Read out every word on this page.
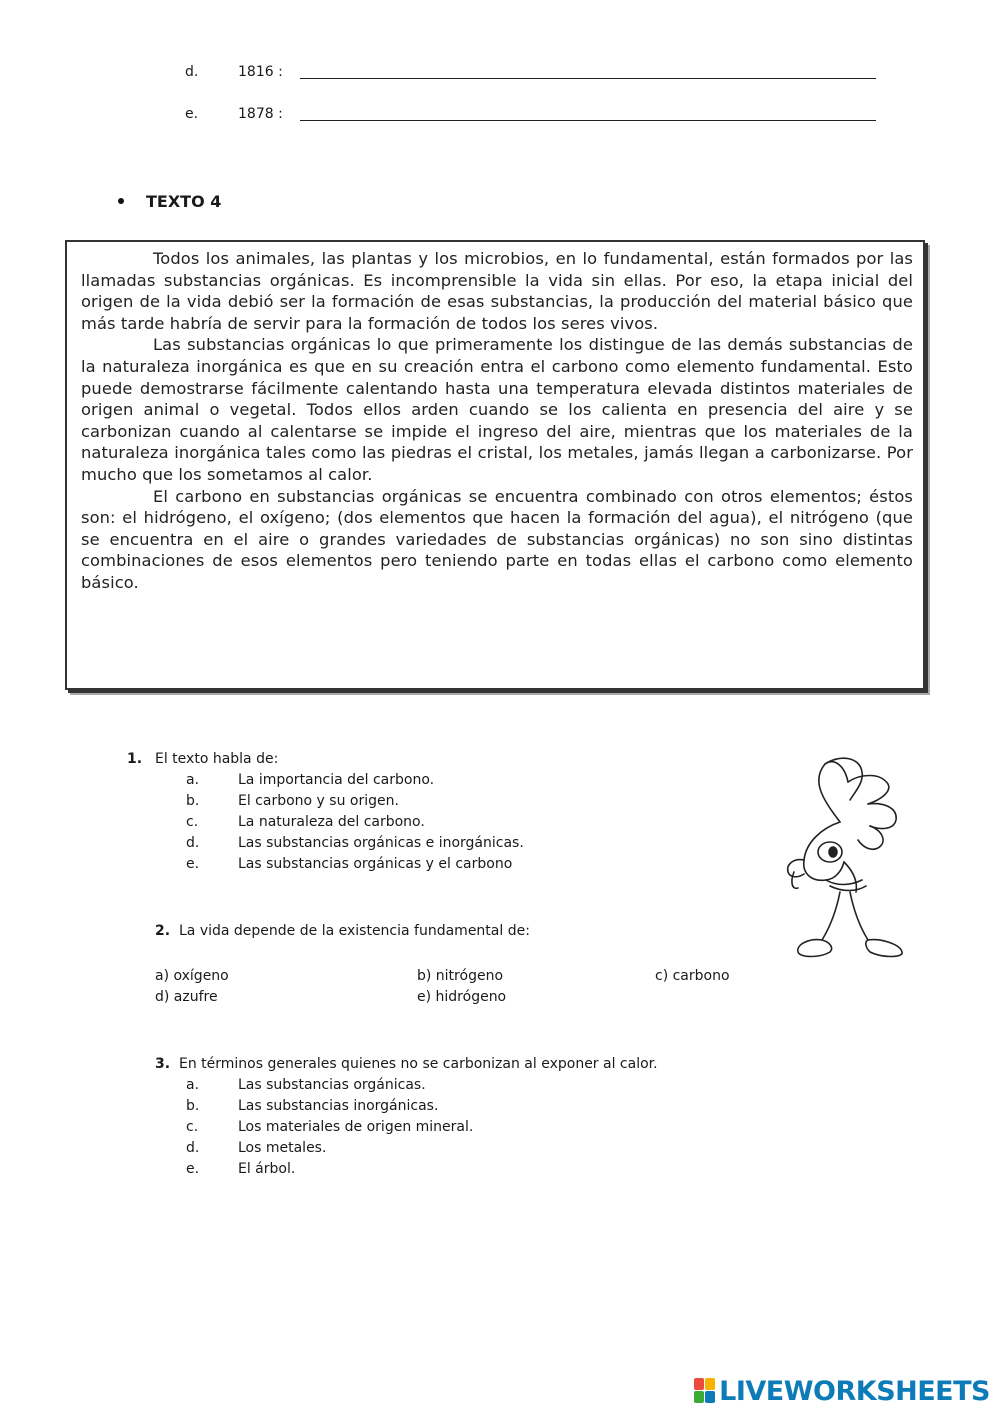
d.	1816 :
e.	1878 :
TEXTO 4

Todos los animales, las plantas y los microbios, en lo fundamental, están formados por las llamadas substancias orgánicas. Es incomprensible la vida sin ellas. Por eso, la etapa inicial del origen de la vida debió ser la formación de esas substancias, la producción del material básico que más tarde habría de servir para la formación de todos los seres vivos.

Las substancias orgánicas lo que primeramente los distingue de las demás substancias de la naturaleza inorgánica es que en su creación entra el carbono como elemento fundamental. Esto puede demostrarse fácilmente calentando hasta una temperatura elevada distintos materiales de origen animal o vegetal. Todos ellos arden cuando se los calienta en presencia del aire y se carbonizan cuando al calentarse se impide el ingreso del aire, mientras que los materiales de la naturaleza inorgánica tales como las piedras el cristal, los metales, jamás llegan a carbonizarse. Por mucho que los sometamos al calor.

El carbono en substancias orgánicas se encuentra combinado con otros elementos; éstos son: el hidrógeno, el oxígeno; (dos elementos que hacen la formación del agua), el nitrógeno (que se encuentra en el aire o grandes variedades de substancias orgánicas) no son sino distintas combinaciones de esos elementos pero teniendo parte en todas ellas el carbono como elemento básico.

1. El texto habla de:
a.	La importancia del carbono.
b.	El carbono y su origen.
c.	La naturaleza del carbono.
d.	Las substancias orgánicas e inorgánicas.
e.	Las substancias orgánicas y el carbono
2. La vida depende de la existencia fundamental de:
a) oxígeno	b) nitrógeno	c) carbono
d) azufre	e) hidrógeno
3. En términos generales quienes no se carbonizan al exponer al calor.
a.	Las substancias orgánicas.
b.	Las substancias inorgánicas.
c.	Los materiales de origen mineral.
d.	Los metales.
e.	El árbol.
LIVEWORKSHEETS
